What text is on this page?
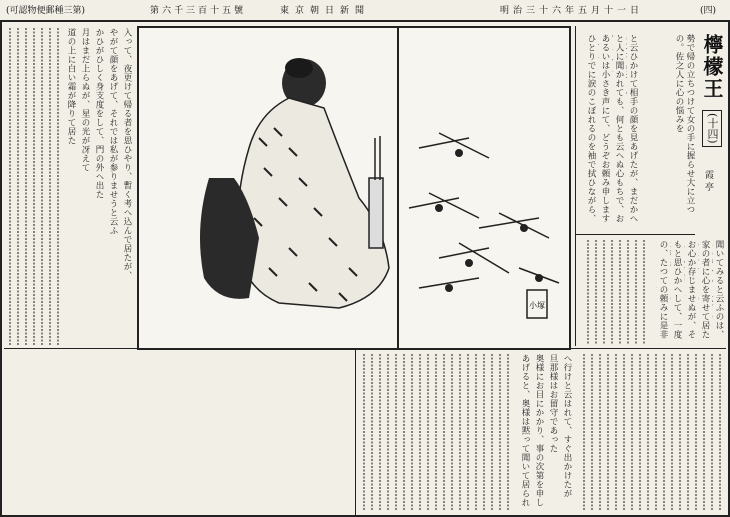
(四)
明治三十六年五月十一日
東京朝日新聞
第六千三百十五號
(可認物便郵種三第)
檸檬王
(十四)
霞亭
勢で帰の立ちつけて女の手に握らせ大に立つの。佐之人に心の悩みを
と云ひかけて相手の顔を見あげたが、まだかへ
と人に聞かれても、何とも云へぬ心もちで、お
あるいは小さき声にて、どうぞお頼み申します
ひとりでに涙のこぼれるのを袖で拭ひながら、
聞いてみると云ふのは、
家の者に心を寄せて居た
お心か存じませぬが、そ
もと思ひかへして、一度
の、たつての頼みに是非
入って、夜更けて帰る者を思ひやり、暫く考へ込んで居たが、
やがて顔をあげて、それでは私が参りませうと云ふ
かひがひしく身支度をして、門の外へ出た
月はまだ上らぬが、星の光が冴えて
道の上に白い霜が降りて居た
へ行けと云はれて、すぐ出かけたが
旦那様はお留守であった
奥様にお目にかかり、事の次第を申し
あげると、奥様は黙って聞いて居られ
小塚
